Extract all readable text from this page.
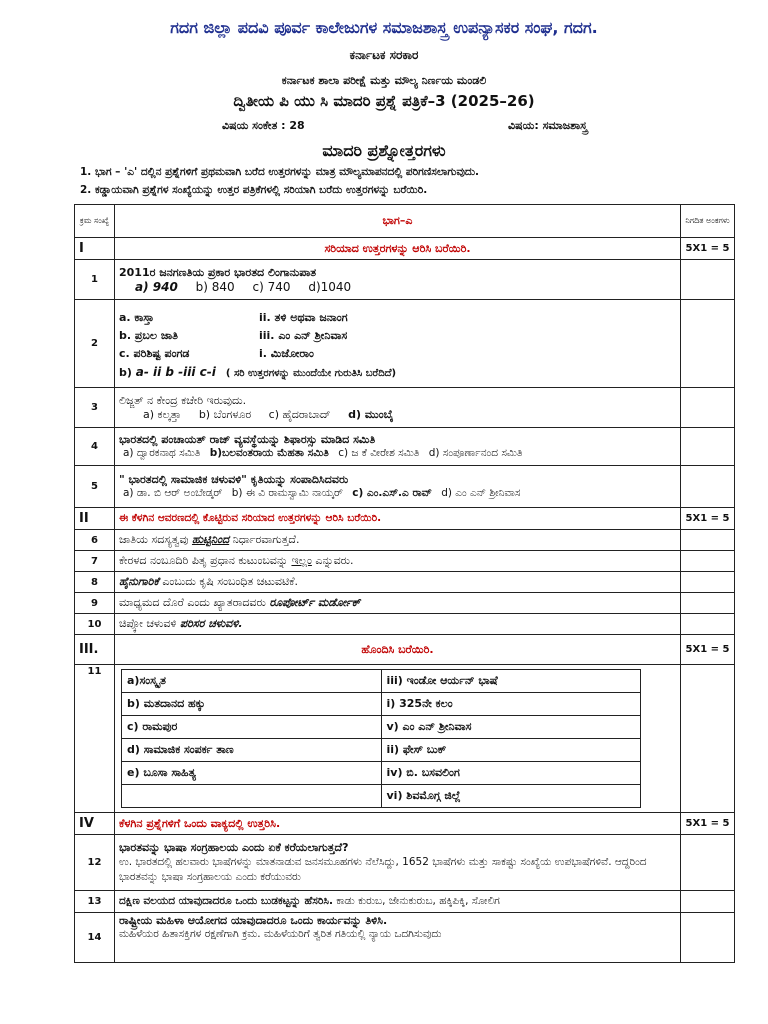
ಗದಗ ಜಿಲ್ಲಾ ಪದವಿ ಪೂರ್ವ ಕಾಲೇಜುಗಳ ಸಮಾಜಶಾಸ್ತ್ರ ಉಪನ್ಯಾಸಕರ ಸಂಘ, ಗದಗ.
ಕರ್ನಾಟಕ ಸರಕಾರ
ಕರ್ನಾಟಕ ಶಾಲಾ ಪರೀಕ್ಷೆ ಮತ್ತು ಮೌಲ್ಯ ನಿರ್ಣಯ ಮಂಡಲಿ
ದ್ವಿತೀಯ ಪಿ ಯು ಸಿ ಮಾದರಿ ಪ್ರಶ್ನೆ ಪತ್ರಿಕೆ–3 (2025–26)
ವಿಷಯ ಸಂಕೇತ : 28	ವಿಷಯ: ಸಮಾಜಶಾಸ್ತ್ರ
ಮಾದರಿ ಪ್ರಶ್ನೋತ್ತರಗಳು
1. ಭಾಗ – 'ಎ' ದಲ್ಲಿನ ಪ್ರಶ್ನೆಗಳಿಗೆ ಪ್ರಥಮವಾಗಿ ಬರೆದ ಉತ್ತರಗಳನ್ನು ಮಾತ್ರ ಮೌಲ್ಯಮಾಪನದಲ್ಲಿ ಪರಿಗಣಿಸಲಾಗುವುದು.
2. ಕಡ್ಡಾಯವಾಗಿ ಪ್ರಶ್ನೆಗಳ ಸಂಖ್ಯೆಯನ್ನು ಉತ್ತರ ಪತ್ರಿಕೆಗಳಲ್ಲಿ ಸರಿಯಾಗಿ ಬರೆದು ಉತ್ತರಗಳನ್ನು ಬರೆಯಿರಿ.
ಕ್ರಮ ಸಂಖ್ಯೆ	ಭಾಗ–ಎ	ನಿಗದಿತ ಅಂಕಗಳು
I	ಸರಿಯಾದ ಉತ್ತರಗಳನ್ನು ಆರಿಸಿ ಬರೆಯಿರಿ.	5X1 = 5
1	
2011ರ ಜನಗಣತಿಯ ಪ್ರಕಾರ ಭಾರತದ ಲಿಂಗಾನುಪಾತ
a) 940 b) 840 c) 740 d)1040

2	
a. ಕಾಸ್ತಾ	ii. ತಳಿ ಅಥವಾ ಜನಾಂಗ
b. ಪ್ರಬಲ ಜಾತಿ	iii. ಎಂ ಎನ್ ಶ್ರೀನಿವಾಸ
c. ಪರಿಶಿಷ್ಟ ಪಂಗಡ	i. ಮಿಜೋರಾಂ
b) a- ii b -iii c-i ( ಸರಿ ಉತ್ತರಗಳನ್ನು ಮುಂದೆಯೇ ಗುರುತಿಸಿ ಬರೆದಿದೆ)

3	
ಲಿಜ್ಜತ್ ನ ಕೇಂದ್ರ ಕಚೇರಿ ಇರುವುದು.
a) ಕಲ್ಕತ್ತಾ b) ಬೆಂಗಳೂರ c) ಹೈದರಾಬಾದ್ d) ಮುಂಬೈ

4	
ಭಾರತದಲ್ಲಿ ಪಂಚಾಯತ್ ರಾಜ್ ವ್ಯವಸ್ಥೆಯನ್ನು ಶಿಫಾರಸ್ಸು ಮಾಡಿದ ಸಮಿತಿ
a) ದ್ವಾರಕನಾಥ ಸಮಿತಿ b)ಬಲವಂತರಾಯ ಮೆಹತಾ ಸಮಿತಿ c) ಜ ಕೆ ವೀರೇಶ ಸಮಿತಿ d) ಸಂಪೂರ್ಣಾನಂದ ಸಮಿತಿ

5	
" ಭಾರತದಲ್ಲಿ ಸಾಮಾಜಿಕ ಚಳುವಳಿ" ಕೃತಿಯನ್ನು ಸಂಪಾದಿಸಿದವರು
a) ಡಾ. ಬಿ ಆರ್ ಅಂಬೇಡ್ಕರ್ b) ಈ ವಿ ರಾಮಸ್ವಾಮಿ ನಾಯ್ಕರ್ c) ಎಂ.ಎಸ್.ಎ ರಾವ್ d) ಎಂ ಎನ್ ಶ್ರೀನಿವಾಸ

II	ಈ ಕೆಳಗಿನ ಆವರಣದಲ್ಲಿ ಕೊಟ್ಟಿರುವ ಸರಿಯಾದ ಉತ್ತರಗಳನ್ನು ಆರಿಸಿ ಬರೆಯಿರಿ.	5X1 = 5
6	ಜಾತಿಯ ಸದಸ್ಯತ್ವವು ಹುಟ್ಟಿನಿಂದ ನಿರ್ಧಾರವಾಗುತ್ತದೆ.	
7	ಕೇರಳದ ನಂಬೂದಿರಿ ಪಿತೃ ಪ್ರಧಾನ ಕುಟುಂಬವನ್ನು ಇಲ್ಲಂ ಎನ್ನುವರು.	
8	ಹೈನುಗಾರಿಕೆ ಎಂಬುದು ಕೃಷಿ ಸಂಬಂಧಿತ ಚಟುವಟಿಕೆ.	
9	ಮಾಧ್ಯಮದ ದೊರೆ ಎಂದು ಖ್ಯಾತರಾದವರು ರೂಪೋರ್ಟ್ ಮರ್ಡೋಕ್	
10	ಚಿಪ್ಕೋ ಚಳುವಳಿ ಪರಿಸರ ಚಳುವಳಿ.	
III.	ಹೊಂದಿಸಿ ಬರೆಯಿರಿ.	5X1 = 5
11	
a)ಸಂಸ್ಕೃತ	iii) ಇಂಡೋ ಆರ್ಯನ್ ಭಾಷೆ
b) ಮತದಾನದ ಹಕ್ಕು	i) 325ನೇ ಕಲಂ
c) ರಾಮಪುರ	v) ಎಂ ಎನ್ ಶ್ರೀನಿವಾಸ
d) ಸಾಮಾಜಿಕ ಸಂಪರ್ಕ ತಾಣ	ii) ಫೇಸ್ ಬುಕ್
e) ಬೂಸಾ ಸಾಹಿತ್ಯ	iv) ಬಿ. ಬಸವಲಿಂಗ
	vi) ಶಿವಮೊಗ್ಗ ಜಿಲ್ಲೆ

IV	ಕೆಳಗಿನ ಪ್ರಶ್ನೆಗಳಿಗೆ ಒಂದು ವಾಕ್ಯದಲ್ಲಿ ಉತ್ತರಿಸಿ.	5X1 = 5
12	
ಭಾರತವನ್ನು ಭಾಷಾ ಸಂಗ್ರಹಾಲಯ ಎಂದು ಏಕೆ ಕರೆಯಲಾಗುತ್ತದೆ?
ಉ. ಭಾರತದಲ್ಲಿ ಹಲವಾರು ಭಾಷೆಗಳನ್ನು ಮಾತನಾಡುವ ಜನಸಮೂಹಗಳು ನೆಲೆಸಿದ್ದು, 1652 ಭಾಷೆಗಳು ಮತ್ತು ಸಾಕಷ್ಟು ಸಂಖ್ಯೆಯ ಉಪಭಾಷೆಗಳಿವೆ. ಆದ್ದರಿಂದ ಭಾರತವನ್ನು ಭಾಷಾ ಸಂಗ್ರಹಾಲಯ ಎಂದು ಕರೆಯುವರು

13	ದಕ್ಷಿಣ ವಲಯದ ಯಾವುದಾದರೂ ಒಂದು ಬುಡಕಟ್ಟನ್ನು ಹೆಸರಿಸಿ. ಕಾಡು ಕುರುಬ, ಜೇನುಕುರುಬ, ಹಕ್ಕಿಪಿಕ್ಕಿ, ಸೋಲಿಗ	
14	
ರಾಷ್ಟ್ರೀಯ ಮಹಿಳಾ ಆಯೋಗದ ಯಾವುದಾದರೂ ಒಂದು ಕಾರ್ಯವನ್ನು ತಿಳಿಸಿ.
ಮಹಿಳೆಯರ ಹಿತಾಸಕ್ತಿಗಳ ರಕ್ಷಣೆಗಾಗಿ ಕ್ರಮ. ಮಹಿಳೆಯರಿಗೆ ತ್ವರಿತ ಗತಿಯಲ್ಲಿ ನ್ಯಾಯ ಒದಗಿಸುವುದು
